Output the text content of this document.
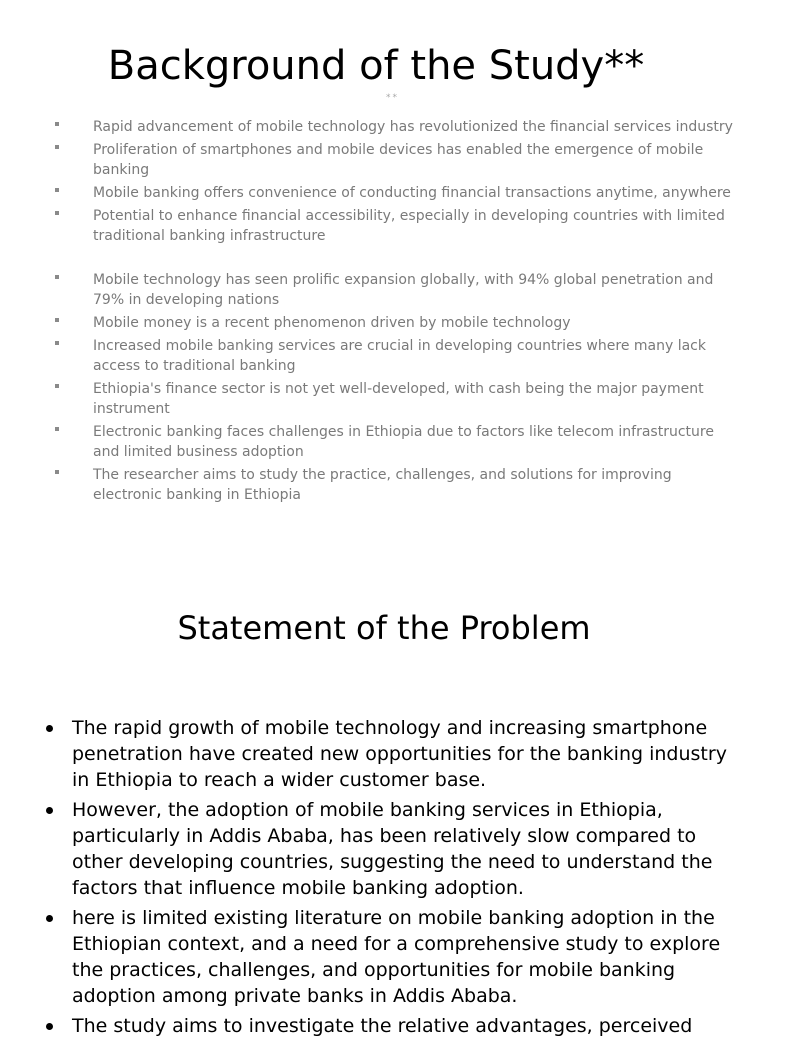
Background of the Study**
**
Rapid advancement of mobile technology has revolutionized the financial services industry
Proliferation of smartphones and mobile devices has enabled the emergence of mobile banking
Mobile banking offers convenience of conducting financial transactions anytime, anywhere
Potential to enhance financial accessibility, especially in developing countries with limited traditional banking infrastructure
Mobile technology has seen prolific expansion globally, with 94% global penetration and 79% in developing nations
Mobile money is a recent phenomenon driven by mobile technology
Increased mobile banking services are crucial in developing countries where many lack access to traditional banking
Ethiopia's finance sector is not yet well-developed, with cash being the major payment instrument
Electronic banking faces challenges in Ethiopia due to factors like telecom infrastructure and limited business adoption
The researcher aims to study the practice, challenges, and solutions for improving electronic banking in Ethiopia
Statement of the Problem
The rapid growth of mobile technology and increasing smartphone penetration have created new opportunities for the banking industry in Ethiopia to reach a wider customer base.
However, the adoption of mobile banking services in Ethiopia, particularly in Addis Ababa, has been relatively slow compared to other developing countries, suggesting the need to understand the factors that influence mobile banking adoption.
here is limited existing literature on mobile banking adoption in the Ethiopian context, and a need for a comprehensive study to explore the practices, challenges, and opportunities for mobile banking adoption among private banks in Addis Ababa.
The study aims to investigate the relative advantages, perceived
